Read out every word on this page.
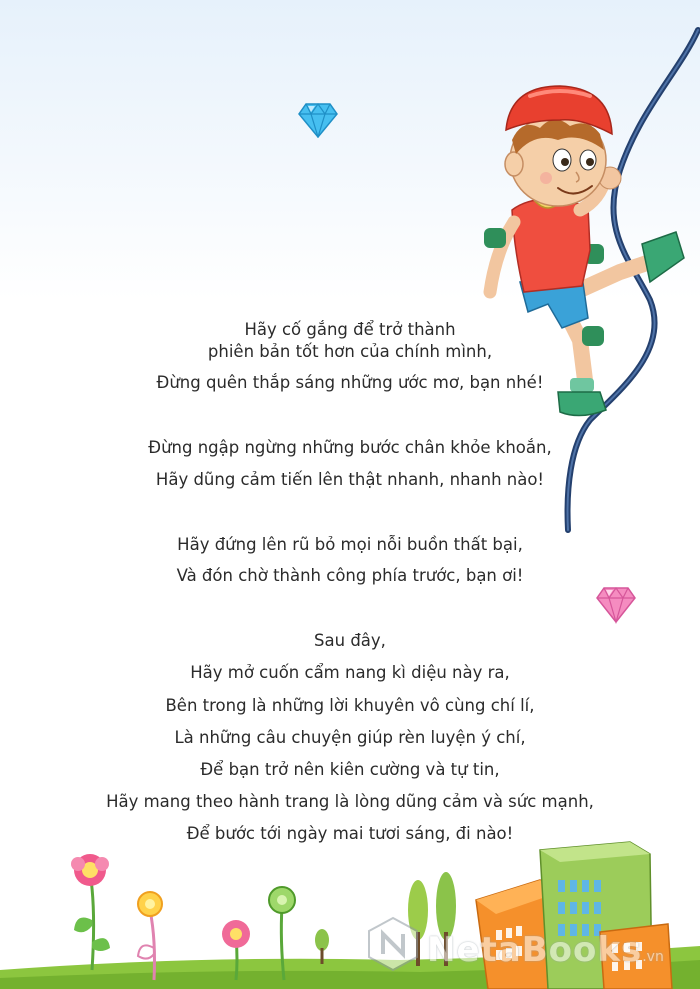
Hãy cố gắng để trở thành
phiên bản tốt hơn của chính mình,
Đừng quên thắp sáng những ước mơ, bạn nhé!
Đừng ngập ngừng những bước chân khỏe khoắn,
Hãy dũng cảm tiến lên thật nhanh, nhanh nào!
Hãy đứng lên rũ bỏ mọi nỗi buồn thất bại,
Và đón chờ thành công phía trước, bạn ơi!
Sau đây,
Hãy mở cuốn cẩm nang kì diệu này ra,
Bên trong là những lời khuyên vô cùng chí lí,
Là những câu chuyện giúp rèn luyện ý chí,
Để bạn trở nên kiên cường và tự tin,
Hãy mang theo hành trang là lòng dũng cảm và sức mạnh,
Để bước tới ngày mai tươi sáng, đi nào!
NetaBooks.vn
